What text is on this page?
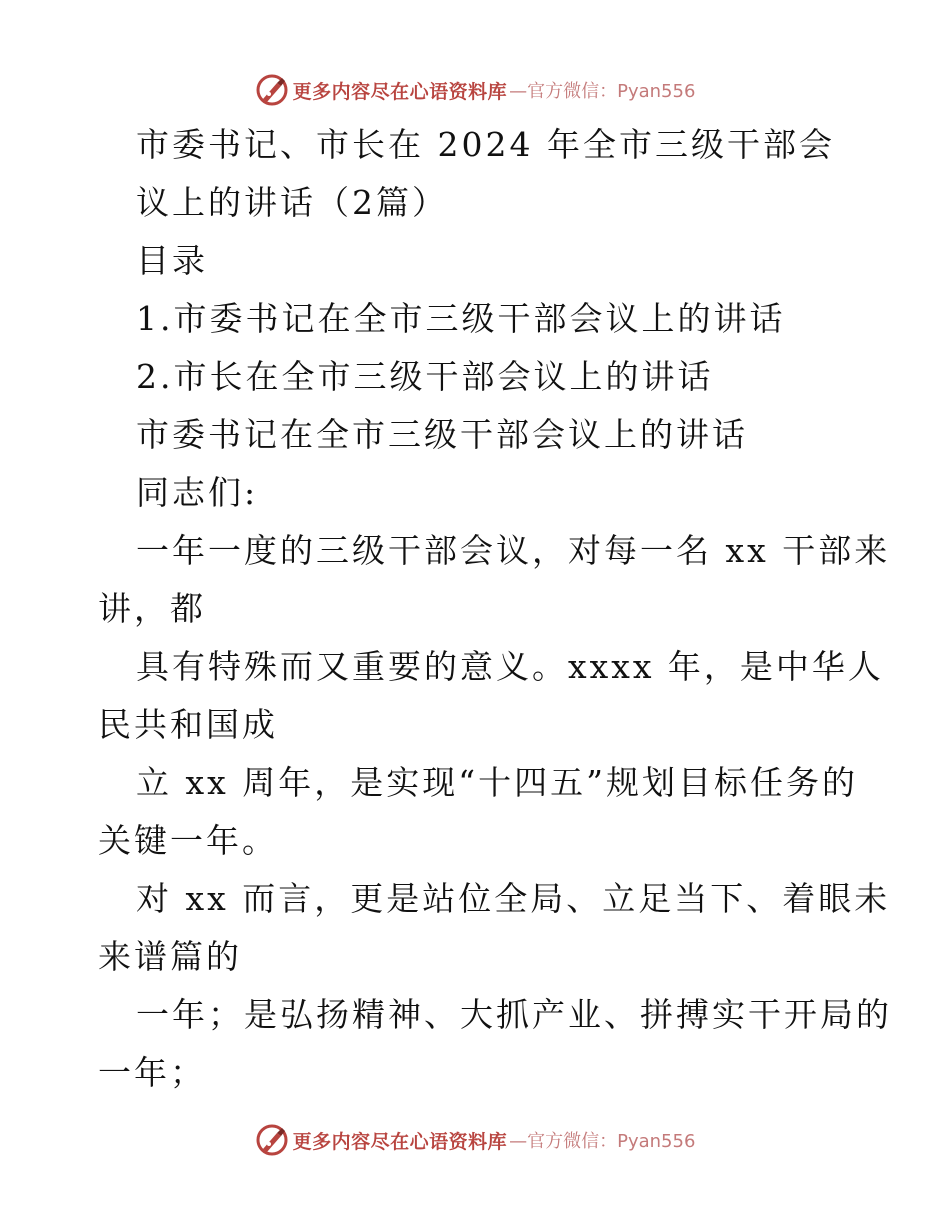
更多内容尽在心语资料库 —官方微信：Pyan556
市委书记、市长在 2024 年全市三级干部会
议上的讲话（2篇）
目录
1.市委书记在全市三级干部会议上的讲话
2.市长在全市三级干部会议上的讲话
市委书记在全市三级干部会议上的讲话
同志们:
一年一度的三级干部会议，对每一名 xx 干部来
讲，都
具有特殊而又重要的意义。xxxx 年，是中华人
民共和国成
立 xx 周年，是实现“十四五”规划目标任务的
关键一年。
对 xx 而言，更是站位全局、立足当下、着眼未
来谱篇的
一年；是弘扬精神、大抓产业、拼搏实干开局的
一年；
更多内容尽在心语资料库 —官方微信：Pyan556
